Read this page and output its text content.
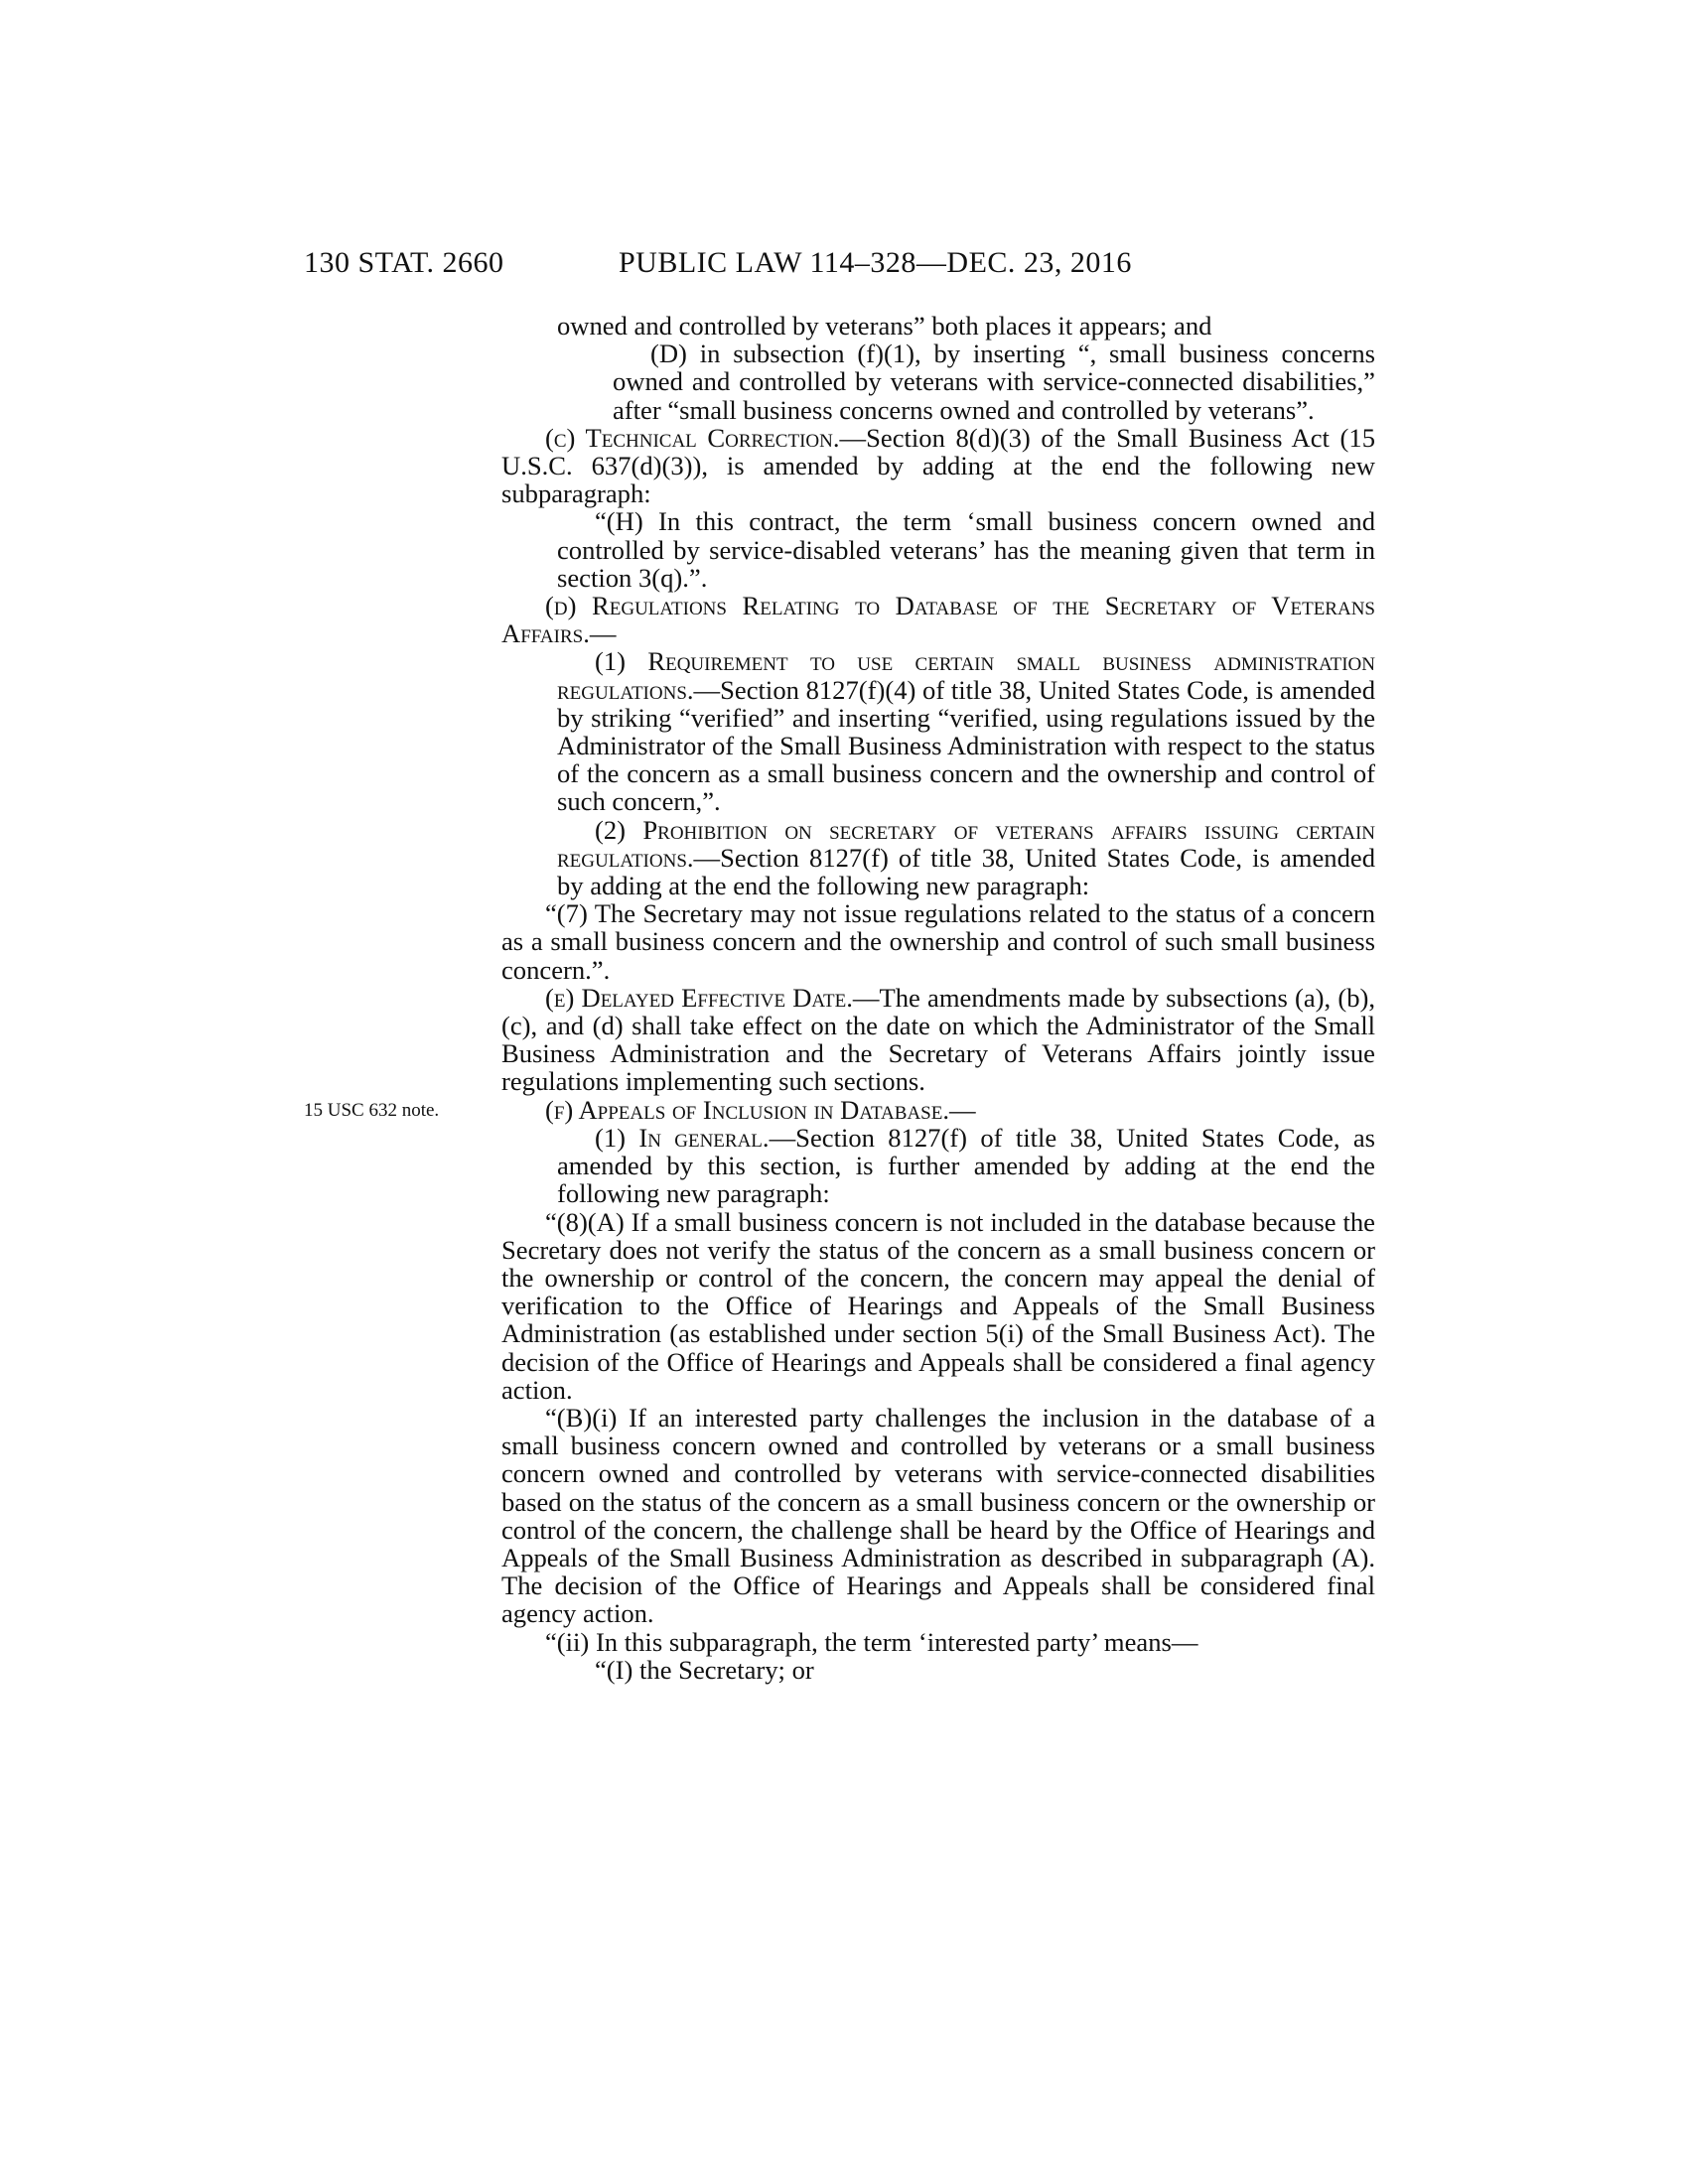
130 STAT. 2660	PUBLIC LAW 114–328—DEC. 23, 2016
15 USC 632 note.

owned and controlled by veterans” both places it appears; and

(D) in subsection (f)(1), by inserting “, small business concerns owned and controlled by veterans with service-connected disabilities,” after “small business concerns owned and controlled by veterans”.

(c) Technical Correction.—Section 8(d)(3) of the Small Business Act (15 U.S.C. 637(d)(3)), is amended by adding at the end the following new subparagraph:

“(H) In this contract, the term ‘small business concern owned and controlled by service-disabled veterans’ has the meaning given that term in section 3(q).”.

(d) Regulations Relating to Database of the Secretary of Veterans Affairs.—

(1) Requirement to use certain small business administration regulations.—Section 8127(f)(4) of title 38, United States Code, is amended by striking “verified” and inserting “verified, using regulations issued by the Administrator of the Small Business Administration with respect to the status of the concern as a small business concern and the ownership and control of such concern,”.

(2) Prohibition on secretary of veterans affairs issuing certain regulations.—Section 8127(f) of title 38, United States Code, is amended by adding at the end the following new paragraph:

“(7) The Secretary may not issue regulations related to the status of a concern as a small business concern and the ownership and control of such small business concern.”.

(e) Delayed Effective Date.—The amendments made by subsections (a), (b), (c), and (d) shall take effect on the date on which the Administrator of the Small Business Administration and the Secretary of Veterans Affairs jointly issue regulations implementing such sections.

(f) Appeals of Inclusion in Database.—

(1) In general.—Section 8127(f) of title 38, United States Code, as amended by this section, is further amended by adding at the end the following new paragraph:

“(8)(A) If a small business concern is not included in the database because the Secretary does not verify the status of the concern as a small business concern or the ownership or control of the concern, the concern may appeal the denial of verification to the Office of Hearings and Appeals of the Small Business Administration (as established under section 5(i) of the Small Business Act). The decision of the Office of Hearings and Appeals shall be considered a final agency action.

“(B)(i) If an interested party challenges the inclusion in the database of a small business concern owned and controlled by veterans or a small business concern owned and controlled by veterans with service-connected disabilities based on the status of the concern as a small business concern or the ownership or control of the concern, the challenge shall be heard by the Office of Hearings and Appeals of the Small Business Administration as described in subparagraph (A). The decision of the Office of Hearings and Appeals shall be considered final agency action.

“(ii) In this subparagraph, the term ‘interested party’ means—

“(I) the Secretary; or
